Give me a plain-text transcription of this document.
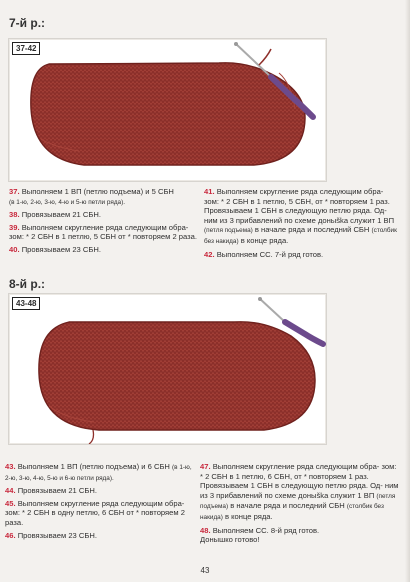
7-й р.:
37-42

37. Выполняем 1 ВП (петлю подъема) и 5 СБН
(в 1-ю, 2-ю, 3-ю, 4-ю и 5-ю петли ряда).

38. Провязываем 21 СБН.

39. Выполняем скругление ряда следующим обра- зом: * 2 СБН в 1 петлю, 5 СБН от * повторяем 2 раза.

40. Провязываем 23 СБН.

41. Выполняем скругление ряда следующим обра- зом: * 2 СБН в 1 петлю, 5 СБН, от * повторяем 1 раз. Провязываем 1 СБН в следующую петлю ряда. Од- ним из 3 прибавлений по схеме доныška служит 1 ВП (петля подъема) в начале ряда и последний СБН (столбик без накида) в конце ряда.

42. Выполняем СС. 7-й ряд готов.

8-й р.:
43-48

43. Выполняем 1 ВП (петлю подъема) и 6 СБН (в 1-ю, 2-ю, 3-ю, 4-ю, 5-ю и 6-ю петли ряда).

44. Провязываем 21 СБН.

45. Выполняем скругление ряда следующим обра- зом: * 2 СБН в одну петлю, 6 СБН от * повторяем 2 раза.

46. Провязываем 23 СБН.

47. Выполняем скругление ряда следующим обра- зом: * 2 СБН в 1 петлю, 6 СБН, от * повторяем 1 раз. Провязываем 1 СБН в следующую петлю ряда. Од- ним из 3 прибавлений по схеме доныška служит 1 ВП (петля подъема) в начале ряда и последний СБН (столбик без накида) в конце ряда.

48. Выполняем СС. 8-й ряд готов.
Донышко готово!

43
